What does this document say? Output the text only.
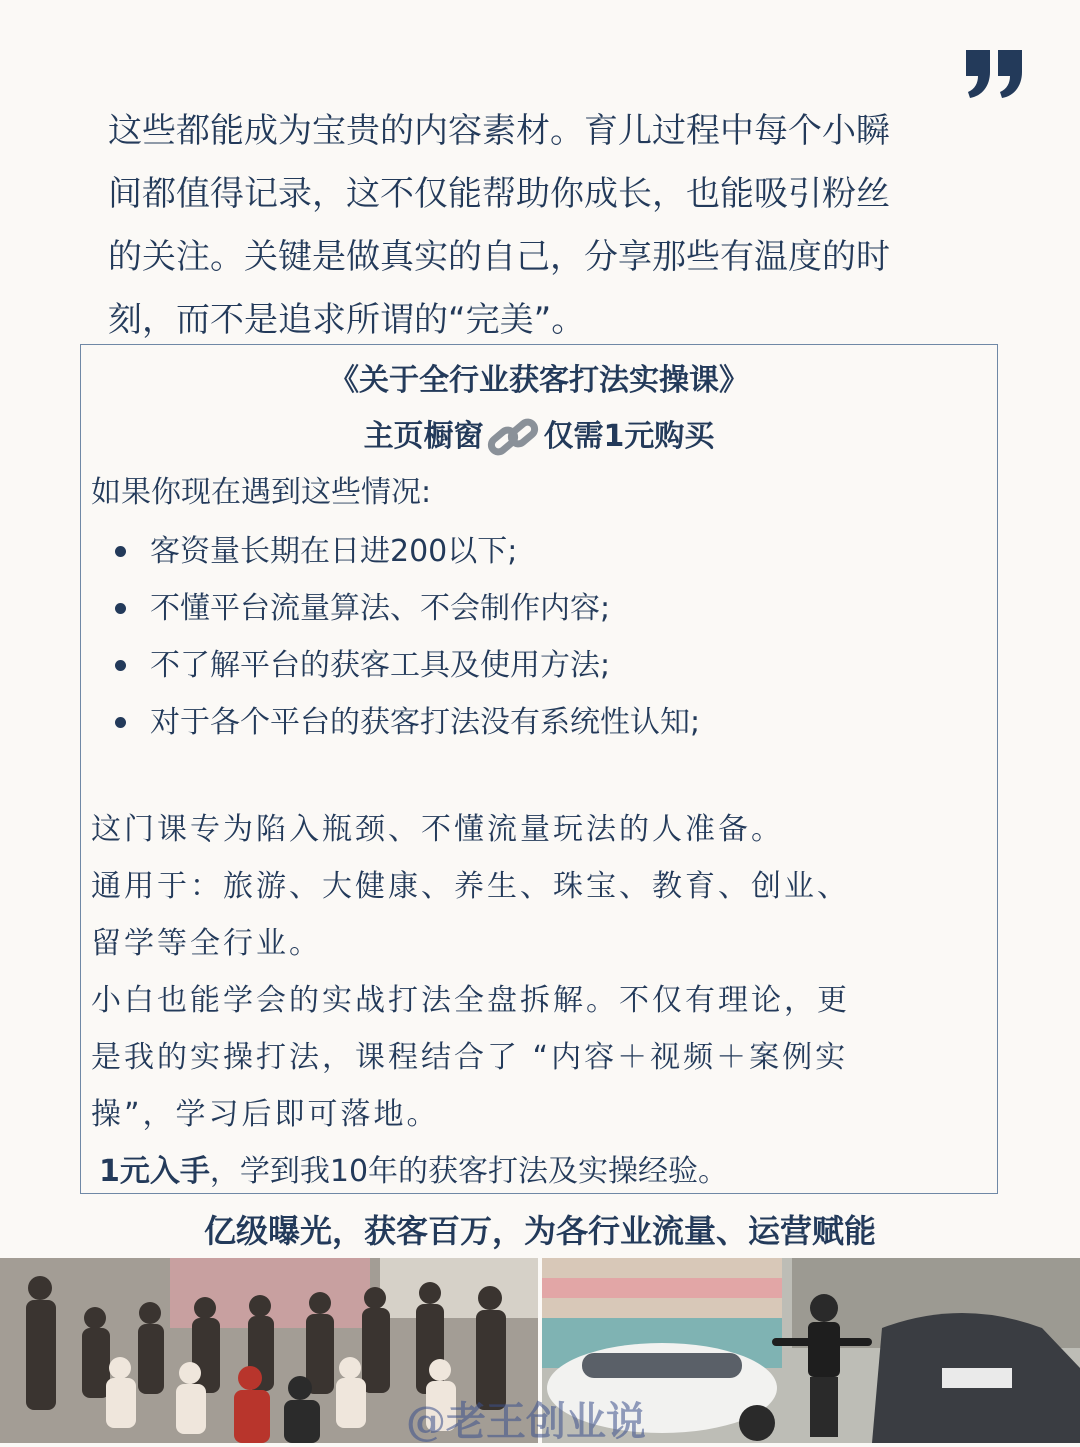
这些都能成为宝贵的内容素材。育儿过程中每个小瞬
间都值得记录，这不仅能帮助你成长，也能吸引粉丝
的关注。关键是做真实的自己，分享那些有温度的时
刻，而不是追求所谓的“完美”。
《关于全行业获客打法实操课》
主页橱窗 仅需1元购买
如果你现在遇到这些情况:
客资量长期在日进200以下;
不懂平台流量算法、不会制作内容;
不了解平台的获客工具及使用方法;
对于各个平台的获客打法没有系统性认知;
这门课专为陷入瓶颈、不懂流量玩法的人准备。
通用于：旅游、大健康、养生、珠宝、教育、创业、
留学等全行业。
小白也能学会的实战打法全盘拆解。不仅有理论，更
是我的实操打法，课程结合了 “内容＋视频＋案例实
操”，学习后即可落地。
1元入手，学到我10年的获客打法及实操经验。
亿级曝光，获客百万，为各行业流量、运营赋能
@老王创业说
